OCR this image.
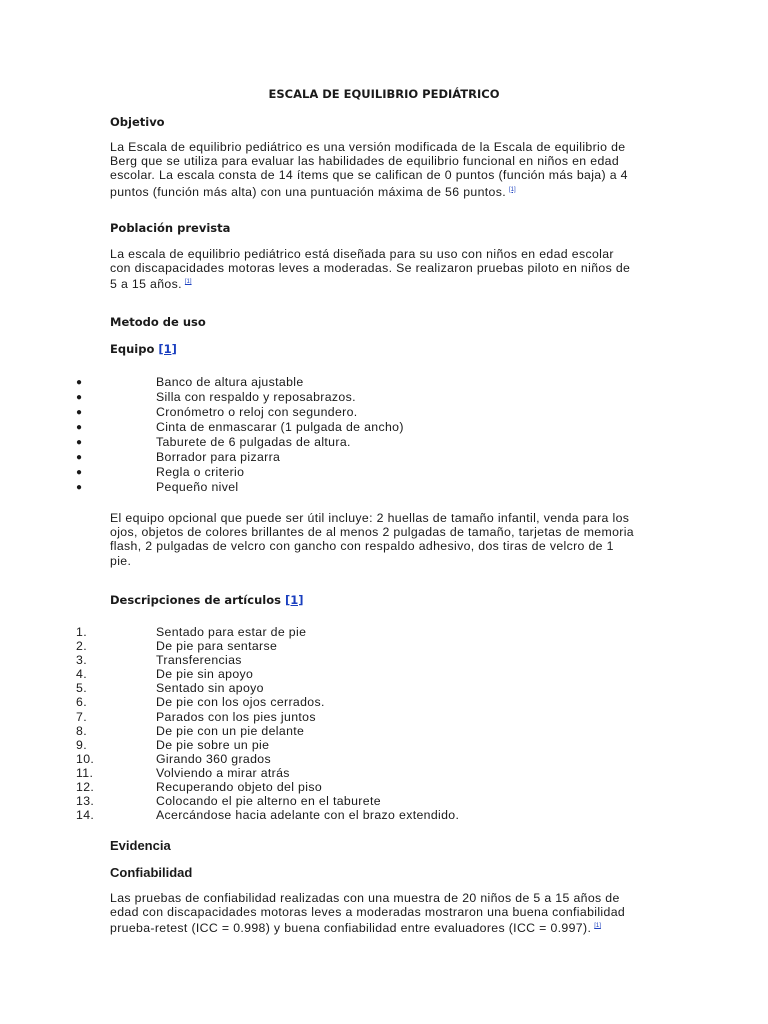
ESCALA DE EQUILIBRIO PEDIÁTRICO
Objetivo
La Escala de equilibrio pediátrico es una versión modificada de la Escala de equilibrio de
Berg que se utiliza para evaluar las habilidades de equilibrio funcional en niños en edad
escolar. La escala consta de 14 ítems que se califican de 0 puntos (función más baja) a 4
puntos (función más alta) con una puntuación máxima de 56 puntos. [1]
Población prevista
La escala de equilibrio pediátrico está diseñada para su uso con niños en edad escolar
con discapacidades motoras leves a moderadas. Se realizaron pruebas piloto en niños de
5 a 15 años. [1]
Metodo de uso
Equipo [1]
●	Banco de altura ajustable
●	Silla con respaldo y reposabrazos.
●	Cronómetro o reloj con segundero.
●	Cinta de enmascarar (1 pulgada de ancho)
●	Taburete de 6 pulgadas de altura.
●	Borrador para pizarra
●	Regla o criterio
●	Pequeño nivel
El equipo opcional que puede ser útil incluye: 2 huellas de tamaño infantil, venda para los
ojos, objetos de colores brillantes de al menos 2 pulgadas de tamaño, tarjetas de memoria
flash, 2 pulgadas de velcro con gancho con respaldo adhesivo, dos tiras de velcro de 1
pie.
Descripciones de artículos [1]
1.	Sentado para estar de pie
2.	De pie para sentarse
3.	Transferencias
4.	De pie sin apoyo
5.	Sentado sin apoyo
6.	De pie con los ojos cerrados.
7.	Parados con los pies juntos
8.	De pie con un pie delante
9.	De pie sobre un pie
10.	Girando 360 grados
11.	Volviendo a mirar atrás
12.	Recuperando objeto del piso
13.	Colocando el pie alterno en el taburete
14.	Acercándose hacia adelante con el brazo extendido.
Evidencia
Confiabilidad
Las pruebas de confiabilidad realizadas con una muestra de 20 niños de 5 a 15 años de
edad con discapacidades motoras leves a moderadas mostraron una buena confiabilidad
prueba-retest (ICC = 0.998) y buena confiabilidad entre evaluadores (ICC = 0.997). [1]
